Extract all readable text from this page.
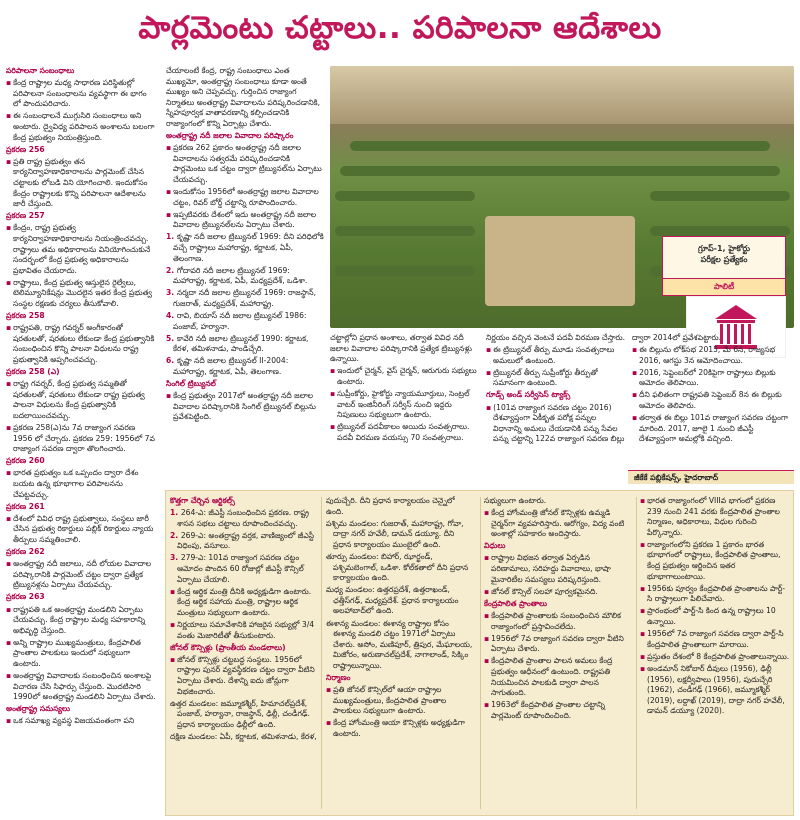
పార్లమెంటు చట్టాలు.. పరిపాలనా ఆదేశాలు

పరిపాలనా సంబంధాలు

▪ కేంద్ర రాష్ట్రాల మధ్య సాధారణ పరిస్థితుల్లో పరిపాలనా సంబంధాలను వ్యవస్థాగా ఈ భాగం లో పొందుపరిచారు.

▪ ఈ సంబంధాలనే ముగ్గుసిరి సంబంధాలు అని అంటారు. ద్వైవిధ్య పరిపాలన అంశాలను బలంగా కేంద్ర ప్రభుత్వం నియంత్రిస్తుంది.

ప్రకరణ 256

▪ ప్రతి రాష్ట్ర ప్రభుత్వం తన కార్యనిర్వాహణాధికారాలను పార్లమెంట్‌ చేసిన చట్టాలకు లోబడి విని యోగించాలి. ఇందుకోసం కేంద్రం రాష్ట్రాలకు కొన్ని పరిపాలనా ఆదేశాలను జారీ చేస్తుంది.

ప్రకరణ 257

▪ కేంద్రం, రాష్ట్ర ప్రభుత్వ కార్యనిర్వాహణాధికారాలను నియంత్రించవచ్చు. రాష్ట్రాలు తమ అధికారాలను వినియోగించుకునే సందర్భంలో కేంద్ర ప్రభుత్వ అధికారాలను ప్రభావితం చేయరాదు.

▪ రాష్ట్రాలు, కేంద్ర ప్రభుత్వ ఆస్తులైన రైల్వేలు, టెలిమ్యూనికేషన్లు మొదలైన ఇతర కేంద్ర ప్రభుత్వ సంస్థల రక్షణకు చర్యలు తీసుకోవాలి.

ప్రకరణ 258

▪ రాష్ట్రపతి, రాష్ట్ర గవర్నర్‌ అంగీకారంతో షరతులతో, షరతులు లేకుండా కేంద్ర ప్రభుత్వానికి సంబంధించిన కొన్ని పాలనా విధులను రాష్ట్ర ప్రభుత్వానికి అప్పగించవచ్చు.

ప్రకరణ 258 (ఎ)

▪ రాష్ట్ర గవర్నర్‌, కేంద్ర ప్రభుత్వ సమ్మతితో షరతులతో, షరతులు లేకుండా రాష్ట్ర ప్రభుత్వ పాలనా విధులను కేంద్ర ప్రభుత్వానికి బదలాయించవచ్చు.

▪ ప్రకరణ 258(ఎ)ను 7వ రాజ్యాంగ సవరణ 1956 లో చేర్చారు. ప్రకరణ 259: 1956లో 7వ రాజ్యాంగ సవరణ ద్వారా తొలగించారు.

ప్రకరణ 260

▪ భారత ప్రభుత్వం ఒక ఒప్పందం ద్వారా దేశం బయట ఉన్న భూభాగాల పరిపాలనను చేపట్టవచ్చు.

ప్రకరణ 261

▪ దేశంలో వివిధ రాష్ట్ర ప్రభుత్వాలు, సంస్థలు జారీ చేసిన ప్రభుత్వ రికార్డులు పబ్లిక్‌ రికార్డులు న్యాయ తీర్పులు సమ్మతించాలి.

ప్రకరణ 262

▪ అంతర్రాష్ట్ర నదీ జలాలు, నదీ లోయల వివాదాల పరిష్కారానికి పార్లమెంట్‌ చట్టం ద్వారా ప్రత్యేక ట్రిబ్యునళ్లను ఏర్పాటు చేయవచ్చు.

ప్రకరణ 263

▪ రాష్ట్రపతి ఒక అంతర్రాష్ట్ర మండలిని ఏర్పాటు చేయవచ్చు. కేంద్ర రాష్ట్రాల మధ్య సహకారాన్ని అభివృద్ధి చేస్తుంది.

▪ అన్ని రాష్ట్రాల ముఖ్యమంత్రులు, కేంద్రపాలిత ప్రాంతాల పాలకులు ఇందులో సభ్యులుగా ఉంటారు.

▪ అంతర్రాష్ట్ర వివాదాలకు సంబంధించిన అంశాలపై విచారణ చేసి సిఫార్సు చేస్తుంది. మొదటిసారి 1990లో అంతర్రాష్ట్ర మండలిని ఏర్పాటు చేశారు.

అంతర్రాష్ట్ర సమస్యలు

▪ ఒక సమాఖ్య వ్యవస్థ విజయవంతంగా పని

చేయాలంటే కేంద్ర, రాష్ట్ర సంబంధాలు ఎంత ముఖ్యమో, అంతర్రాష్ట్ర సంబంధాలు కూడా అంతే ముఖ్యం అని చెప్పవచ్చు. గుర్తించిన రాజ్యాంగ నిర్మాతలు అంతర్రాష్ట్ర వివాదాలను పరిష్కరించడానికి, స్నేహపూర్వక వాతావరణాన్ని కల్పించడానికి రాజ్యాంగంలో కొన్ని ఏర్పాట్లు చేశారు.

అంతర్రాష్ట్ర నదీ జలాల వివాదాల పరిష్కారం

▪ ప్రకరణ 262 ప్రకారం అంతర్రాష్ట్ర నదీ జలాల వివాదాలను సత్వరమే పరిష్కరించడానికి పార్లమెంటు ఒక చట్టం ద్వారా ట్రిబ్యునల్‌ను ఏర్పాటు చేయవచ్చు.

▪ ఇందుకోసం 1956లో అంతర్రాష్ట్ర జలాల వివాదాల చట్టం, రివర్‌ బోర్డ్‌ చట్టాన్ని రూపొందించారు.

▪ ఇప్పటివరకు దేశంలో ఇదు అంతర్రాష్ట్ర నదీ జలాల వివాదాల ట్రిబ్యునల్‌లను ఏర్పాటు చేశారు.

1. కృష్ణా నదీ జలాల ట్రిబ్యునల్‌ 1969: దీని పరిధిలోకి వచ్చే రాష్ట్రాలు మహారాష్ట్ర, కర్ణాటక, ఏపీ, తెలంగాణ.

2. గోదావరి నదీ జలాల ట్రిబ్యునల్‌ 1969: మహారాష్ట్ర, కర్ణాటక, ఏపీ, మధ్యప్రదేశ్‌, ఒడిశా.

3. నర్మదా నదీ జలాల ట్రిబ్యునల్‌ 1969: రాజస్థాన్‌, గుజరాత్‌, మధ్యప్రదేశ్‌, మహారాష్ట్ర.

4. రావి, బియాస్‌ నదీ జలాల ట్రిబ్యునల్‌ 1986: పంజాబ్‌, హర్యానా.

5. కావేరి నదీ జలాల ట్రిబ్యునల్‌ 1990: కర్ణాటక, కేరళ, తమిళనాడు, పాండిచ్చేరి.

6. కృష్ణా నదీ జలాల ట్రిబ్యునల్‌ II-2004: మహారాష్ట్ర, కర్ణాటక, ఏపీ, తెలంగాణ.

సింగిల్‌ ట్రిబ్యునల్‌

▪ కేంద్ర ప్రభుత్వం 2017లో అంతర్రాష్ట్ర నదీ జలాల వివాదాల పరిష్కారానికి సింగిల్‌ ట్రిబ్యునల్‌ బిల్లును ప్రవేశపెట్టింది.

గ్రూప్‌-1, హైకోర్టు
పరీక్షల ప్రత్యేకం
పాలిటీ

చట్టాల్లోని ప్రధాన అంశాలు, తర్వాత వివిధ నదీ జలాల వివాదాల పరిష్కారానికి ప్రత్యేక ట్రిబ్యునళ్లు ఉన్నాయి.

▪ ఇందులో చైర్మన్‌, వైస్‌ చైర్మన్‌, ఆరుగురు సభ్యులు ఉంటారు.

▪ సుప్రీంకోర్టు, హైకోర్టు న్యాయమూర్తులు, సెంట్రల్‌ వాటర్‌ ఇంజినీరింగ్‌ సర్వీస్‌ నుంచి ఇద్దరు నిపుణులు సభ్యులుగా ఉంటారు.

▪ ట్రిబ్యునల్‌ పదవీకాలం అయిదు సంవత్సరాలు. పదవీ విరమణ వయస్సు 70 సంవత్సరాలు.

నిర్ణయం వచ్చిన వెంటనే పదవీ విరమణ చేస్తారు.

▪ ఈ ట్రిబ్యునల్‌ తీర్పు మూడు సంవత్సరాలు అమలులో ఉంటుంది.

▪ ట్రిబ్యునల్‌ తీర్పు సుప్రీంకోర్టు తీర్పుతో సమానంగా ఉంటుంది.

గూడ్స్‌ అండ్‌ సర్వీసెస్‌ ట్యాక్స్‌

▪ (101వ రాజ్యాంగ సవరణ చట్టం 2016) దేశవ్యాప్తంగా ఏకీకృత పరోక్ష పన్నుల విధానాన్ని అమలు చేయడానికి పన్ను సేవల పన్ను చట్టాన్ని 122వ రాజ్యాంగ సవరణ బిల్లు

ద్వారా 2014లో ప్రవేశపెట్టారు.

▪ ఈ బిల్లును లోక్‌సభ 2015, మే 6న, రాజ్యసభ 2016, ఆగస్టు 3న ఆమోదించాయి.

▪ 2016, సెప్టెంబర్‌లో 20కిపైగా రాష్ట్రాలు బిల్లుకు ఆమోదం తెలిపాయి.

▪ దీని ఫలితంగా రాష్ట్రపతి సెప్టెంబర్‌ 8న ఈ బిల్లుకు ఆమోదం తెలిపారు.

▪ తర్వాత ఈ బిల్లు 101వ రాజ్యాంగ సవరణ చట్టంగా మారింది. 2017, జూలై 1 నుంచి జీఎస్టీ దేశవ్యాప్తంగా అమల్లోకి వచ్చింది.

జీకేకే పబ్లికేషన్స్‌, హైదరాబాద్‌

కొత్తగా చేర్చిన ఆర్టికల్స్‌

1. 264-ఎ: జీఎస్టీ సంబంధించిన ప్రకరణ. రాష్ట్ర శాసన సభలు చట్టాలు రూపొందించవచ్చు.

2. 269-ఎ: అంతర్రాష్ట్ర వర్తక, వాణిజ్యంలో జీఎస్టీ విధింపు, వసూలు.

3. 279-ఎ: 101వ రాజ్యాంగ సవరణ చట్టం ఆమోదం పొందిన 60 రోజుల్లో జీఎస్టీ కౌన్సిల్‌ ఏర్పాటు చేయాలి.

▪ కేంద్ర ఆర్థిక మంత్రి దీనికి అధ్యక్షుడిగా ఉంటారు. కేంద్ర ఆర్థిక సహాయ మంత్రి, రాష్ట్రాల ఆర్థిక మంత్రులు సభ్యులుగా ఉంటారు.

▪ నిర్ణయాలు సమావేశానికి హాజరైన సభ్యుల్లో 3/4 వంతు మెజారిటీతో తీసుకుంటారు.

జోనల్‌ కౌన్సిళ్లు (ప్రాంతీయ మండలాలు)

▪ జోనల్‌ కౌన్సిళ్లు చట్టబద్ధ సంస్థలు. 1956లో రాష్ట్రాల పునర్‌ వ్యవస్థీకరణ చట్టం ద్వారా వీటిని ఏర్పాటు చేశారు. దేశాన్ని ఐదు జోన్లుగా విభజించారు.

ఉత్తర మండలం: జమ్మూకశ్మీర్‌, హిమాచల్‌ప్రదేశ్‌, పంజాబ్‌, హర్యానా, రాజస్థాన్‌, ఢిల్లీ, చండీగఢ్‌. ప్రధాన కార్యాలయం ఢిల్లీలో ఉంది.

దక్షిణ మండలం: ఏపీ, కర్ణాటక, తమిళనాడు, కేరళ,

పుదుచ్చేరి. దీని ప్రధాన కార్యాలయం చెన్నైలో ఉంది.

పశ్చిమ మండలం: గుజరాత్‌, మహారాష్ట్ర, గోవా, దాద్రా నగర్‌ హవేలీ, డామన్‌ డయ్యూ. దీని ప్రధాన కార్యాలయం ముంబైలో ఉంది.

తూర్పు మండలం: బిహార్‌, ఝార్ఖండ్‌, పశ్చిమబెంగాల్‌, ఒడిశా. కోల్‌కతాలో దీని ప్రధాన కార్యాలయం ఉంది.

మధ్య మండలం: ఉత్తరప్రదేశ్‌, ఉత్తరాఖండ్‌, ఛత్తీస్‌గఢ్‌, మధ్యప్రదేశ్‌. ప్రధాన కార్యాలయం అలహాబాద్‌లో ఉంది.

ఈశాన్య మండలం: ఈశాన్య రాష్ట్రాల కోసం ఈశాన్య మండలి చట్టం 1971లో ఏర్పాటు చేశారు. అసోం, మణిపూర్‌, త్రిపుర, మేఘాలయ, మిజోరం, అరుణాచల్‌ప్రదేశ్‌, నాగాలాండ్‌, సిక్కిం రాష్ట్రాలున్నాయి.

నిర్మాణం

▪ ప్రతి జోనల్‌ కౌన్సిల్‌లో ఆయా రాష్ట్రాల ముఖ్యమంత్రులు, కేంద్రపాలిత ప్రాంతాల పాలకులు సభ్యులుగా ఉంటారు.

▪ కేంద్ర హోంమంత్రి ఆయా కౌన్సిళ్లకు అధ్యక్షుడిగా ఉంటారు.

సభ్యులుగా ఉంటారు.

▪ కేంద్ర హోంమంత్రి జోనల్‌ కౌన్సిళ్లకు ఉమ్మడి చైర్మన్‌గా వ్యవహరిస్తారు. ఆరోగ్యం, విద్య వంటి అంశాల్లో సహకారం అందిస్తారు.

విధులు

▪ రాష్ట్రాల విభజన తర్వాత ఏర్పడిన పరిణామాలు, సరిహద్దు వివాదాలు, భాషా మైనారిటీల సమస్యలు పరిష్కరిస్తుంది.

▪ జోనల్‌ కౌన్సిల్‌ సలహా పూర్వకమైనది.

కేంద్రపాలిత ప్రాంతాలు

▪ కేంద్రపాలిత ప్రాంతాలకు సంబంధించిన మౌలిక రాజ్యాంగంలో ప్రస్తావించలేదు.

▪ 1956లో 7వ రాజ్యాంగ సవరణ ద్వారా వీటిని ఏర్పాటు చేశారు.

▪ కేంద్రపాలిత ప్రాంతాల పాలన అమలు కేంద్ర ప్రభుత్వం ఆధీనంలో ఉంటుంది. రాష్ట్రపతి నియమించిన పాలకుడి ద్వారా పాలన సాగుతుంది.

▪ 1963లో కేంద్రపాలిత ప్రాంతాల చట్టాన్ని పార్లమెంట్‌ రూపొందించింది.

▪ భారత రాజ్యాంగంలో VIIIవ భాగంలో ప్రకరణ 239 నుంచి 241 వరకు కేంద్రపాలిత ప్రాంతాల నిర్మాణం, అధికారాలు, విధుల గురించి పేర్కొన్నారు.

▪ రాజ్యాంగంలోని ప్రకరణ 1 ప్రకారం భారత భూభాగంలో రాష్ట్రాలు, కేంద్రపాలిత ప్రాంతాలు, కేంద్ర ప్రభుత్వం ఆర్జించిన ఇతర భూభాగాలుంటాయి.

▪ 1956కు పూర్వం కేంద్రపాలిత ప్రాంతాలను పార్ట్‌-సి రాష్ట్రాలుగా పిలిచేవారు.

▪ ప్రారంభంలో పార్ట్‌-సి కింద ఉన్న రాష్ట్రాలు 10 ఉన్నాయి.

▪ 1956లో 7వ రాజ్యాంగ సవరణ ద్వారా పార్ట్‌-సి కేంద్రపాలిత ప్రాంతాలుగా మారాయి.

▪ ప్రస్తుతం దేశంలో 8 కేంద్రపాలిత ప్రాంతాలున్నాయి.

▪ అండమాన్‌ నికోబార్‌ దీవులు (1956), ఢిల్లీ (1956), లక్షద్వీపాలు (1956), పుదుచ్చేరి (1962), చండీగఢ్‌ (1966), జమ్మూకశ్మీర్‌ (2019), లద్దాఖ్‌ (2019), దాద్రా నగర్‌ హవేలీ, డామన్‌ డయ్యూ (2020).
